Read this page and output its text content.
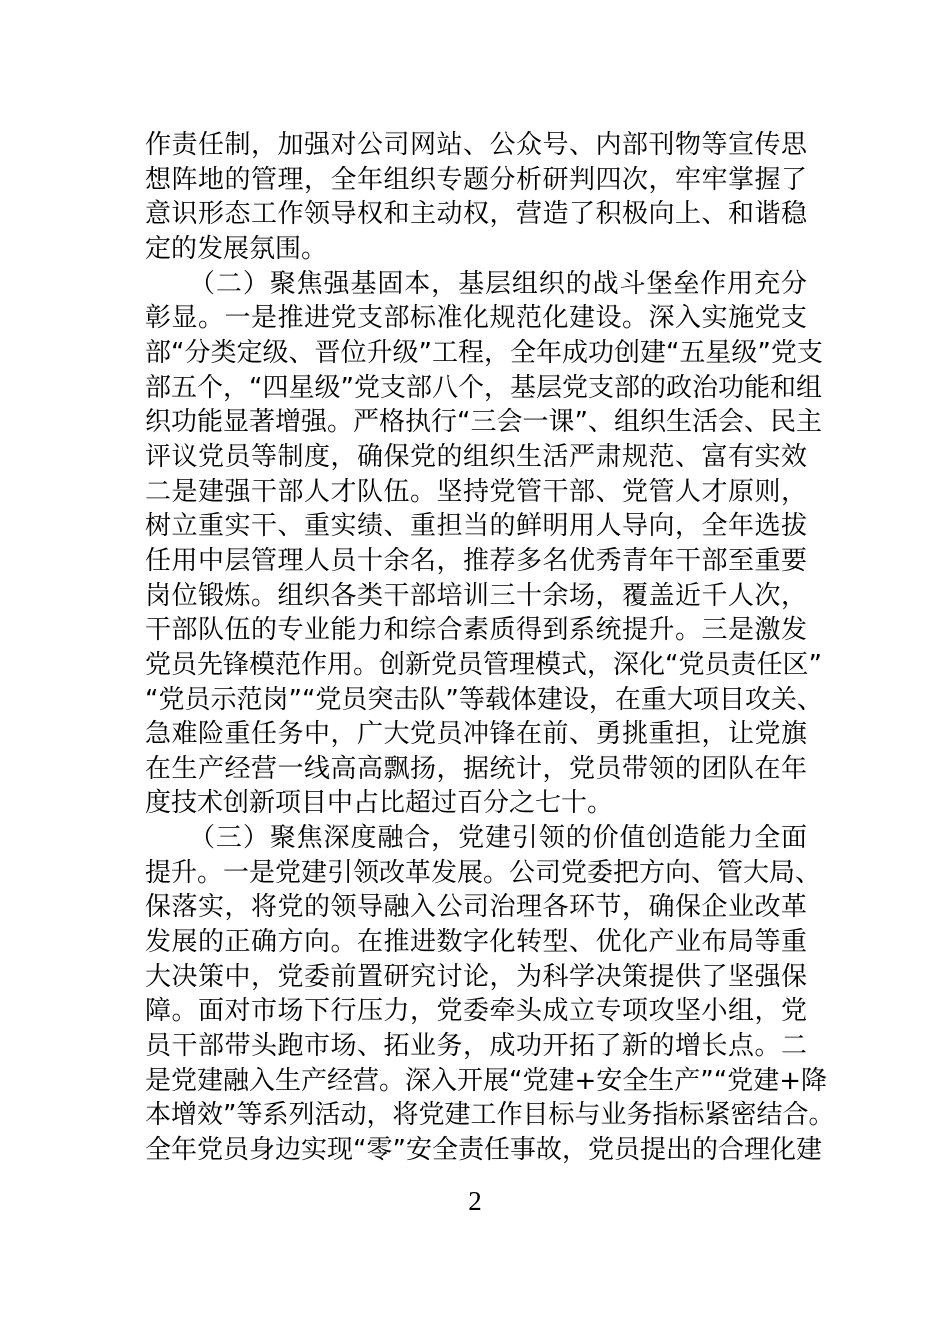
作责任制，加强对公司网站、公众号、内部刊物等宣传思
想阵地的管理，全年组织专题分析研判四次，牢牢掌握了
意识形态工作领导权和主动权，营造了积极向上、和谐稳
定的发展氛围。
（二）聚焦强基固本，基层组织的战斗堡垒作用充分
彰显。一是推进党支部标准化规范化建设。深入实施党支
部“分类定级、晋位升级”工程，全年成功创建“五星级”党支
部五个，“四星级”党支部八个，基层党支部的政治功能和组
织功能显著增强。严格执行“三会一课”、组织生活会、民主
评议党员等制度，确保党的组织生活严肃规范、富有实效
二是建强干部人才队伍。坚持党管干部、党管人才原则，
树立重实干、重实绩、重担当的鲜明用人导向，全年选拔
任用中层管理人员十余名，推荐多名优秀青年干部至重要
岗位锻炼。组织各类干部培训三十余场，覆盖近千人次，
干部队伍的专业能力和综合素质得到系统提升。三是激发
党员先锋模范作用。创新党员管理模式，深化“党员责任区”
“党员示范岗”“党员突击队”等载体建设，在重大项目攻关、
急难险重任务中，广大党员冲锋在前、勇挑重担，让党旗
在生产经营一线高高飘扬，据统计，党员带领的团队在年
度技术创新项目中占比超过百分之七十。
（三）聚焦深度融合，党建引领的价值创造能力全面
提升。一是党建引领改革发展。公司党委把方向、管大局、
保落实，将党的领导融入公司治理各环节，确保企业改革
发展的正确方向。在推进数字化转型、优化产业布局等重
大决策中，党委前置研究讨论，为科学决策提供了坚强保
障。面对市场下行压力，党委牵头成立专项攻坚小组，党
员干部带头跑市场、拓业务，成功开拓了新的增长点。二
是党建融入生产经营。深入开展“党建+安全生产”“党建+降
本增效”等系列活动，将党建工作目标与业务指标紧密结合。
全年党员身边实现“零”安全责任事故，党员提出的合理化建
2
